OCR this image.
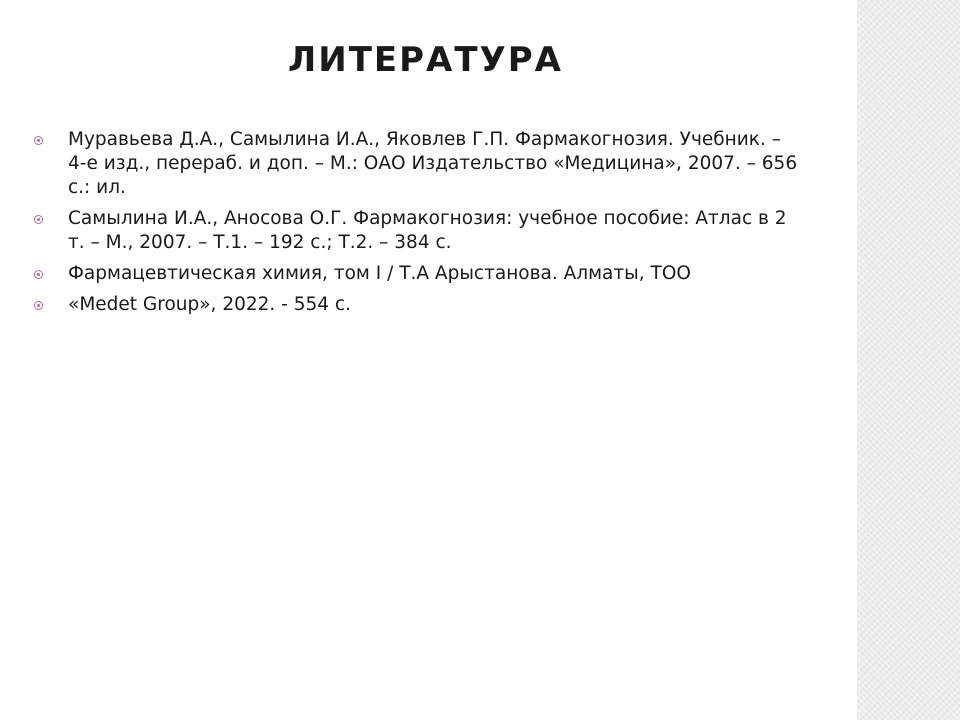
ЛИТЕРАТУРА
Муравьева Д.А., Самылина И.А., Яковлев Г.П. Фармакогнозия. Учебник. – 4-е изд., перераб. и доп. – М.: ОАО Издательство «Медицина», 2007. – 656 с.: ил.
Самылина И.А., Аносова О.Г. Фармакогнозия: учебное пособие: Атлас в 2 т. – М., 2007. – Т.1. – 192 с.; Т.2. – 384 с.
Фармацевтическая химия, том I / Т.А Арыстанова. Алматы, ТОО
«Medet Group», 2022. - 554 с.
